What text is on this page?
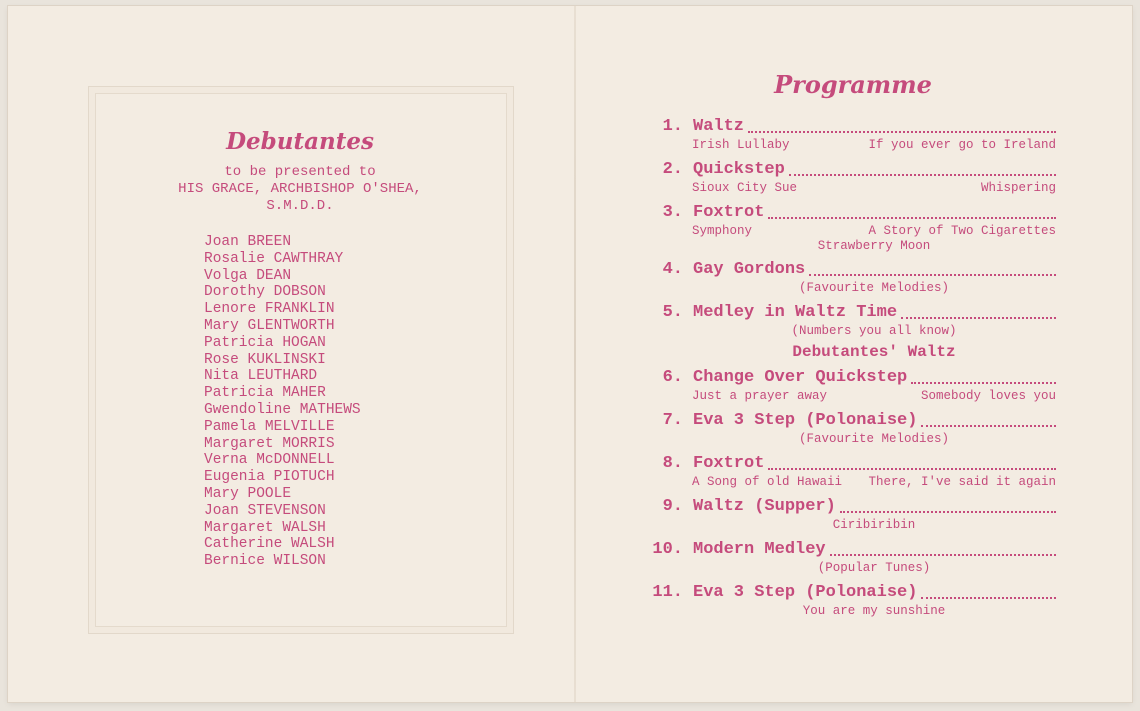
Debutantes
to be presented to
HIS GRACE, ARCHBISHOP O'SHEA,
S.M.D.D.
Joan BREEN
Rosalie CAWTHRAY
Volga DEAN
Dorothy DOBSON
Lenore FRANKLIN
Mary GLENTWORTH
Patricia HOGAN
Rose KUKLINSKI
Nita LEUTHARD
Patricia MAHER
Gwendoline MATHEWS
Pamela MELVILLE
Margaret MORRIS
Verna McDONNELL
Eugenia PIOTUCH
Mary POOLE
Joan STEVENSON
Margaret WALSH
Catherine WALSH
Bernice WILSON
Programme
1. Waltz
Irish Lullaby	If you ever go to Ireland
2. Quickstep
Sioux City Sue	Whispering
3. Foxtrot
Symphony	A Story of Two Cigarettes
Strawberry Moon
4. Gay Gordons
(Favourite Melodies)
5. Medley in Waltz Time
(Numbers you all know)
Debutantes' Waltz
6. Change Over Quickstep
Just a prayer away	Somebody loves you
7. Eva 3 Step (Polonaise)
(Favourite Melodies)
8. Foxtrot
A Song of old Hawaii There, I've said it again
9. Waltz (Supper)
Ciribiribin
10. Modern Medley
(Popular Tunes)
11. Eva 3 Step (Polonaise)
You are my sunshine
